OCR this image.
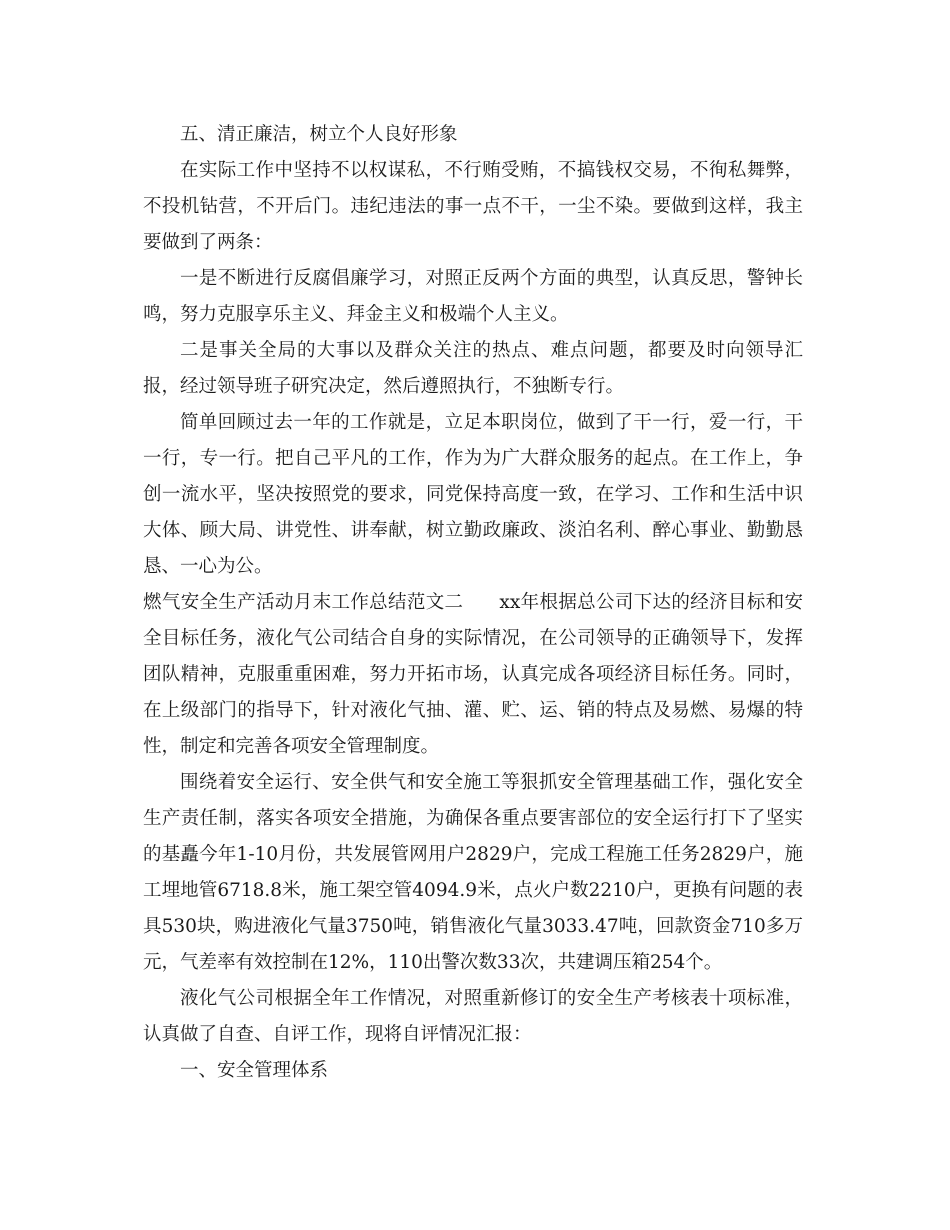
五、清正廉洁，树立个人良好形象

在实际工作中坚持不以权谋私，不行贿受贿，不搞钱权交易，不徇私舞弊，不投机钻营，不开后门。违纪违法的事一点不干，一尘不染。要做到这样，我主要做到了两条：

一是不断进行反腐倡廉学习，对照正反两个方面的典型，认真反思，警钟长鸣，努力克服享乐主义、拜金主义和极端个人主义。

二是事关全局的大事以及群众关注的热点、难点问题，都要及时向领导汇报，经过领导班子研究决定，然后遵照执行，不独断专行。

简单回顾过去一年的工作就是，立足本职岗位，做到了干一行，爱一行，干一行，专一行。把自己平凡的工作，作为为广大群众服务的起点。在工作上，争创一流水平，坚决按照党的要求，同党保持高度一致，在学习、工作和生活中识大体、顾大局、讲党性、讲奉献，树立勤政廉政、淡泊名利、醉心事业、勤勤恳恳、一心为公。

燃气安全生产活动月末工作总结范文二 xx年根据总公司下达的经济目标和安全目标任务，液化气公司结合自身的实际情况，在公司领导的正确领导下，发挥团队精神，克服重重困难，努力开拓市场，认真完成各项经济目标任务。同时，在上级部门的指导下，针对液化气抽、灌、贮、运、销的特点及易燃、易爆的特性，制定和完善各项安全管理制度。

围绕着安全运行、安全供气和安全施工等狠抓安全管理基础工作，强化安全生产责任制，落实各项安全措施，为确保各重点要害部位的安全运行打下了坚实的基矗今年1-10月份，共发展管网用户2829户，完成工程施工任务2829户，施工埋地管6718.8米，施工架空管4094.9米，点火户数2210户，更换有问题的表具530块，购进液化气量3750吨，销售液化气量3033.47吨，回款资金710多万元，气差率有效控制在12%，110出警次数33次，共建调压箱254个。

液化气公司根据全年工作情况，对照重新修订的安全生产考核表十项标准，认真做了自查、自评工作，现将自评情况汇报：

一、安全管理体系
